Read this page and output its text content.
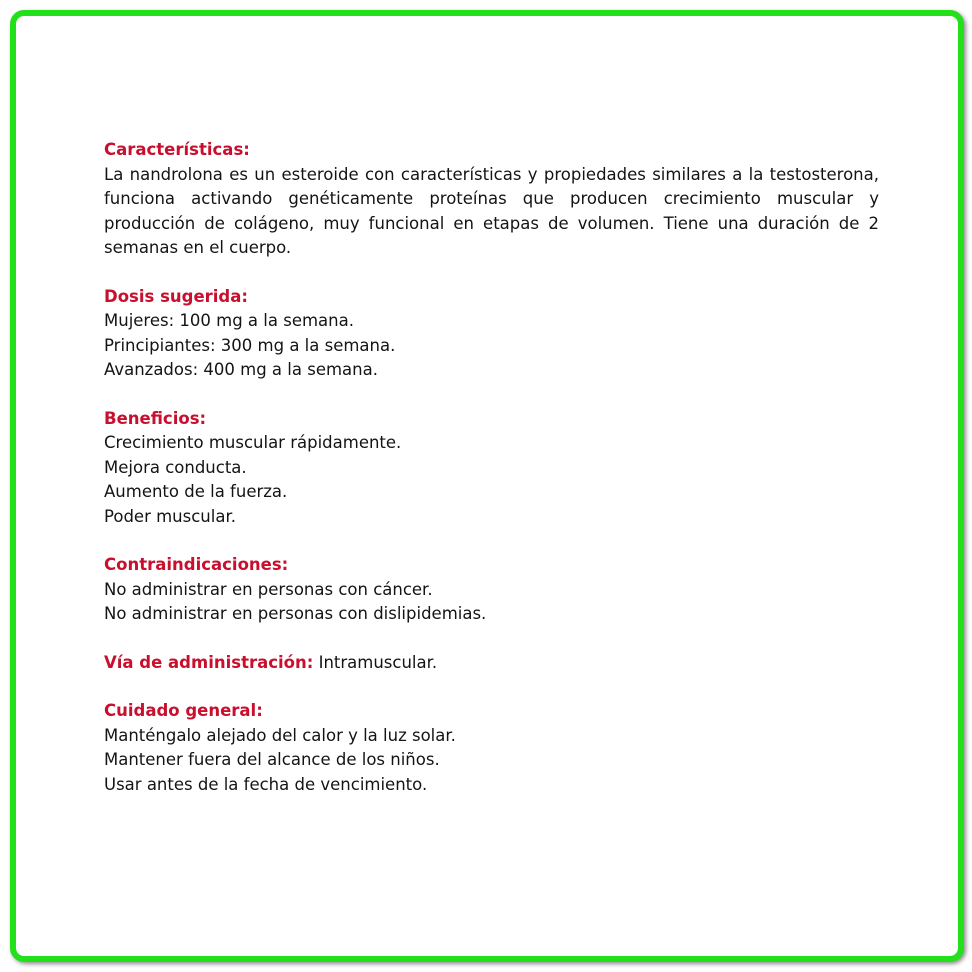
Características:
La nandrolona es un esteroide con características y propiedades similares a la testosterona, funciona activando genéticamente proteínas que producen crecimiento muscular y producción de colágeno, muy funcional en etapas de volumen. Tiene una duración de 2 semanas en el cuerpo.
Dosis sugerida:
Mujeres: 100 mg a la semana.
Principiantes: 300 mg a la semana.
Avanzados: 400 mg a la semana.
Beneficios:
Crecimiento muscular rápidamente.
Mejora conducta.
Aumento de la fuerza.
Poder muscular.
Contraindicaciones:
No administrar en personas con cáncer.
No administrar en personas con dislipidemias.
Vía de administración: Intramuscular.
Cuidado general:
Manténgalo alejado del calor y la luz solar.
Mantener fuera del alcance de los niños.
Usar antes de la fecha de vencimiento.
